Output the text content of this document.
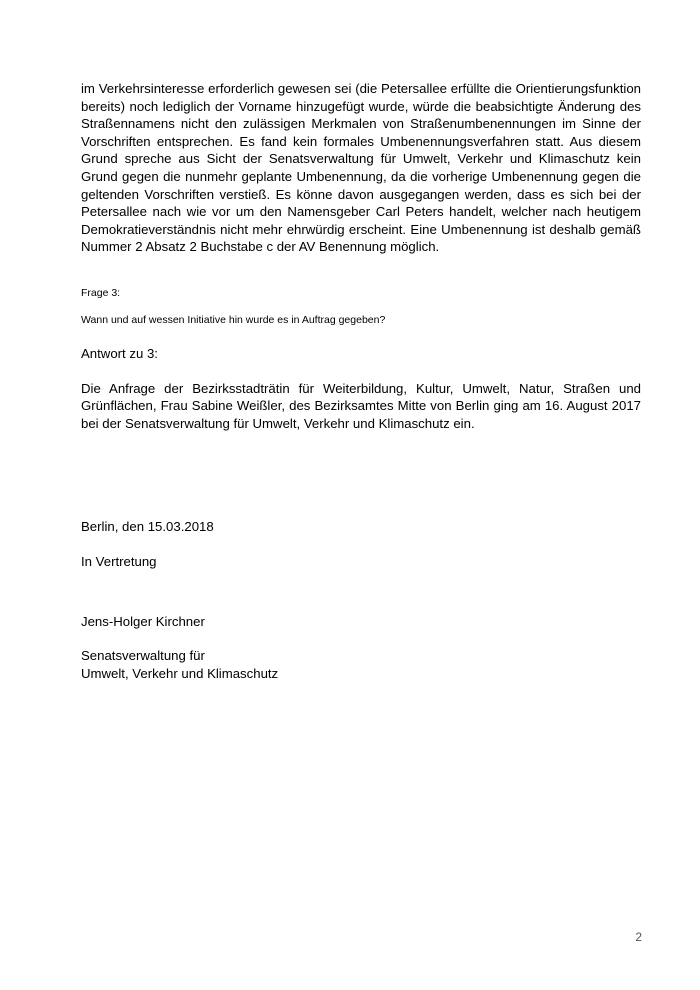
im Verkehrsinteresse erforderlich gewesen sei (die Petersallee erfüllte die Orientierungsfunktion bereits) noch lediglich der Vorname hinzugefügt wurde, würde die beabsichtigte Änderung des Straßennamens nicht den zulässigen Merkmalen von Straßenumbenennungen im Sinne der Vorschriften entsprechen. Es fand kein formales Umbenennungsverfahren statt. Aus diesem Grund spreche aus Sicht der Senatsverwaltung für Umwelt, Verkehr und Klimaschutz kein Grund gegen die nunmehr geplante Umbenennung, da die vorherige Umbenennung gegen die geltenden Vorschriften verstieß. Es könne davon ausgegangen werden, dass es sich bei der Petersallee nach wie vor um den Namensgeber Carl Peters handelt, welcher nach heutigem Demokratieverständnis nicht mehr ehrwürdig erscheint. Eine Umbenennung ist deshalb gemäß Nummer 2 Absatz 2 Buchstabe c der AV Benennung möglich.

Frage 3:

Wann und auf wessen Initiative hin wurde es in Auftrag gegeben?

Antwort zu 3:

Die Anfrage der Bezirksstadträtin für Weiterbildung, Kultur, Umwelt, Natur, Straßen und Grünflächen, Frau Sabine Weißler, des Bezirksamtes Mitte von Berlin ging am 16. August 2017 bei der Senatsverwaltung für Umwelt, Verkehr und Klimaschutz ein.

Berlin, den 15.03.2018

In Vertretung

Jens-Holger Kirchner

Senatsverwaltung für

Umwelt, Verkehr und Klimaschutz

2
